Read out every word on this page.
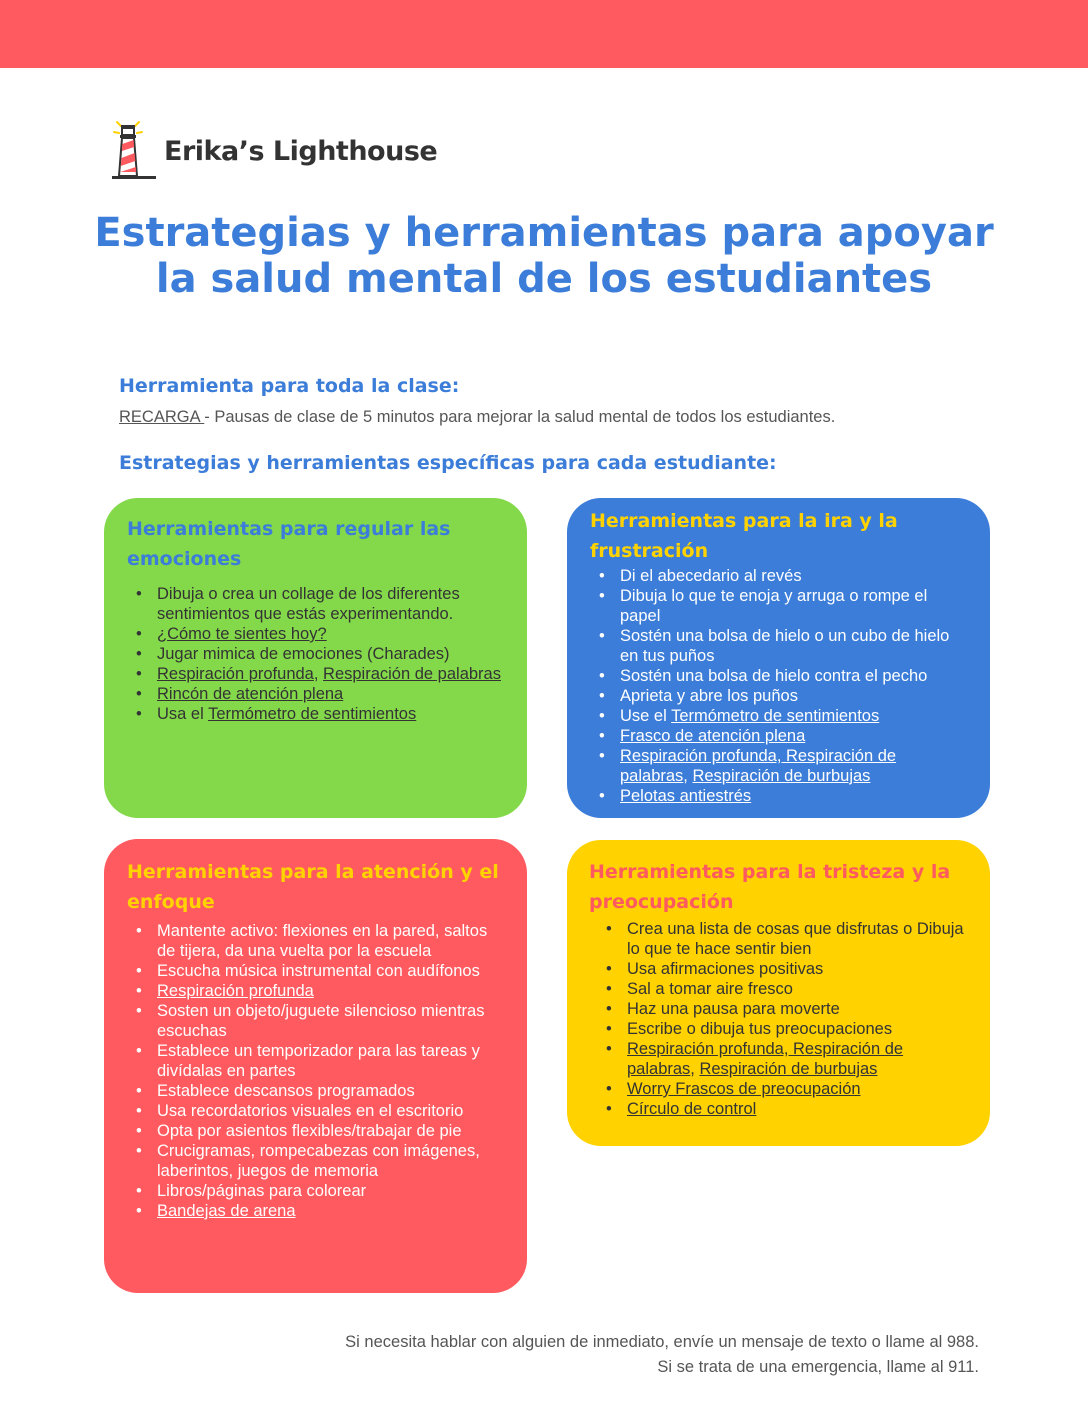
Erika’s Lighthouse
Estrategias y herramientas para apoyar
la salud mental de los estudiantes
Herramienta para toda la clase:
RECARGA - Pausas de clase de 5 minutos para mejorar la salud mental de todos los estudiantes.
Estrategias y herramientas específicas para cada estudiante:
Herramientas para regular las emociones
• Dibuja o crea un collage de los diferentes sentimientos que estás experimentando.
• ¿Cómo te sientes hoy?
• Jugar mimica de emociones (Charades)
• Respiración profunda, Respiración de palabras
• Rincón de atención plena
• Usa el Termómetro de sentimientos
Herramientas para la ira y la frustración
• Di el abecedario al revés
• Dibuja lo que te enoja y arruga o rompe el papel
• Sostén una bolsa de hielo o un cubo de hielo en tus puños
• Sostén una bolsa de hielo contra el pecho
• Aprieta y abre los puños
• Use el Termómetro de sentimientos
• Frasco de atención plena
• Respiración profunda, Respiración de palabras, Respiración de burbujas
• Pelotas antiestrés
Herramientas para la atención y el enfoque
• Mantente activo: flexiones en la pared, saltos de tijera, da una vuelta por la escuela
• Escucha música instrumental con audífonos
• Respiración profunda
• Sosten un objeto/juguete silencioso mientras escuchas
• Establece un temporizador para las tareas y divídalas en partes
• Establece descansos programados
• Usa recordatorios visuales en el escritorio
• Opta por asientos flexibles/trabajar de pie
• Crucigramas, rompecabezas con imágenes, laberintos, juegos de memoria
• Libros/páginas para colorear
• Bandejas de arena
Herramientas para la tristeza y la preocupación
• Crea una lista de cosas que disfrutas o Dibuja lo que te hace sentir bien
• Usa afirmaciones positivas
• Sal a tomar aire fresco
• Haz una pausa para moverte
• Escribe o dibuja tus preocupaciones
• Respiración profunda, Respiración de palabras, Respiración de burbujas
• Worry Frascos de preocupación
• Círculo de control
Si necesita hablar con alguien de inmediato, envíe un mensaje de texto o llame al 988.
Si se trata de una emergencia, llame al 911.
